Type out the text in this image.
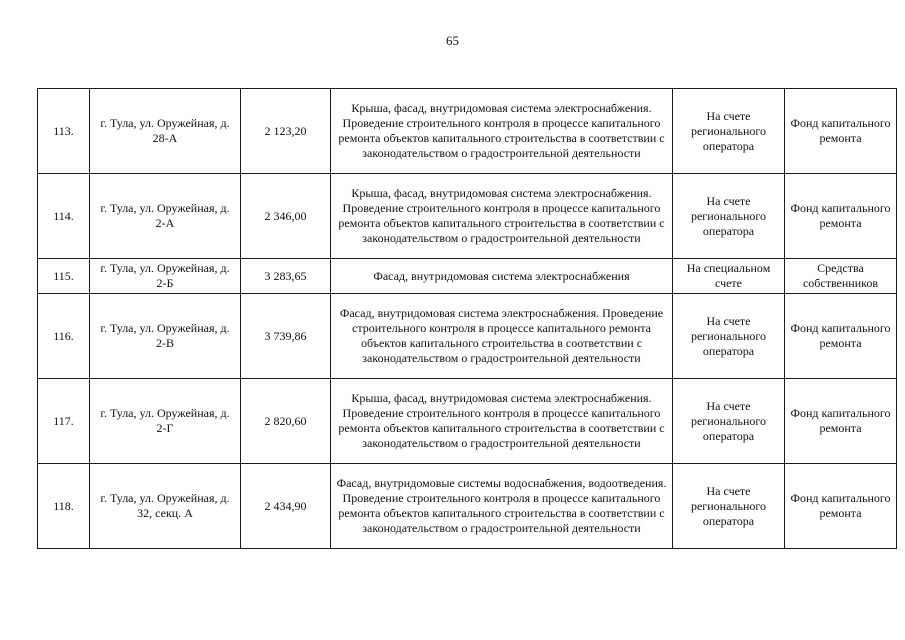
65
113.	г. Тула, ул. Оружейная, д. 28-А	2 123,20	Крыша, фасад, внутридомовая система электроснабжения. Проведение строительного контроля в процессе капитального ремонта объектов капитального строительства в соответствии с законодательством о градостроительной деятельности	На счете регионального оператора	Фонд капитального ремонта
114.	г. Тула, ул. Оружейная, д. 2-А	2 346,00	Крыша, фасад, внутридомовая система электроснабжения. Проведение строительного контроля в процессе капитального ремонта объектов капитального строительства в соответствии с законодательством о градостроительной деятельности	На счете регионального оператора	Фонд капитального ремонта
115.	г. Тула, ул. Оружейная, д. 2-Б	3 283,65	Фасад, внутридомовая система электроснабжения	На специальном счете	Средства собственников
116.	г. Тула, ул. Оружейная, д. 2-В	3 739,86	Фасад, внутридомовая система электроснабжения. Проведение строительного контроля в процессе капитального ремонта объектов капитального строительства в соответствии с законодательством о градостроительной деятельности	На счете регионального оператора	Фонд капитального ремонта
117.	г. Тула, ул. Оружейная, д. 2-Г	2 820,60	Крыша, фасад, внутридомовая система электроснабжения. Проведение строительного контроля в процессе капитального ремонта объектов капитального строительства в соответствии с законодательством о градостроительной деятельности	На счете регионального оператора	Фонд капитального ремонта
118.	г. Тула, ул. Оружейная, д. 32, секц. А	2 434,90	Фасад, внутридомовые системы водоснабжения, водоотведения. Проведение строительного контроля в процессе капитального ремонта объектов капитального строительства в соответствии с законодательством о градостроительной деятельности	На счете регионального оператора	Фонд капитального ремонта
